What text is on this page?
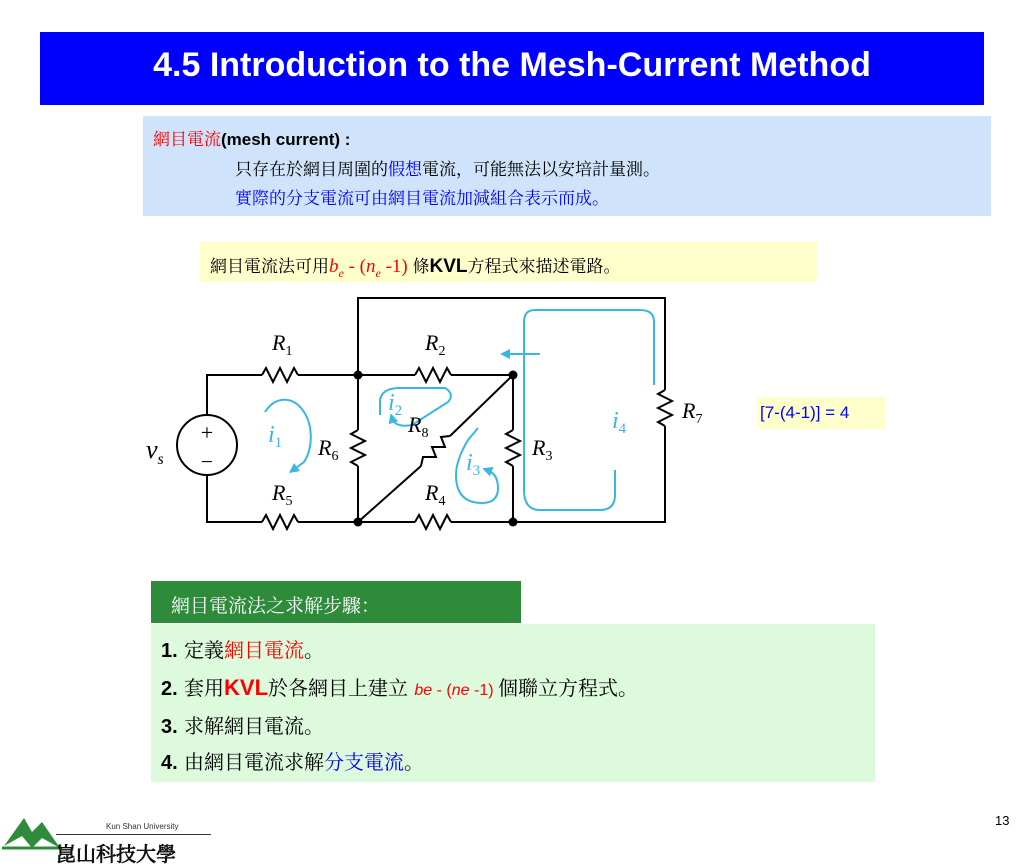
4.5 Introduction to the Mesh-Current Method
網目電流(mesh current) :
只存在於網目周圍的假想電流，可能無法以安培計量測。
實際的分支電流可由網目電流加減組合表示而成。
網目電流法可用$b_e - (n_e$ -1) 條KVL方程式來描述電路。
[7-(4-1)] = 4
+
−
$R_1$	$R_2$
$R_3$
$R_4$
$R_5$
$R_6$
$R_7$
$R_8$
$v_s$
$i_1$
$i_2$
$i_3$
$i_4$
網目電流法之求解步驟：
1. 定義網目電流。
2. 套用KVL於各網目上建立 be - (ne -1) 個聯立方程式。
3. 求解網目電流。
4. 由網目電流求解分支電流。
Kun Shan University
崑山科技大學
13
